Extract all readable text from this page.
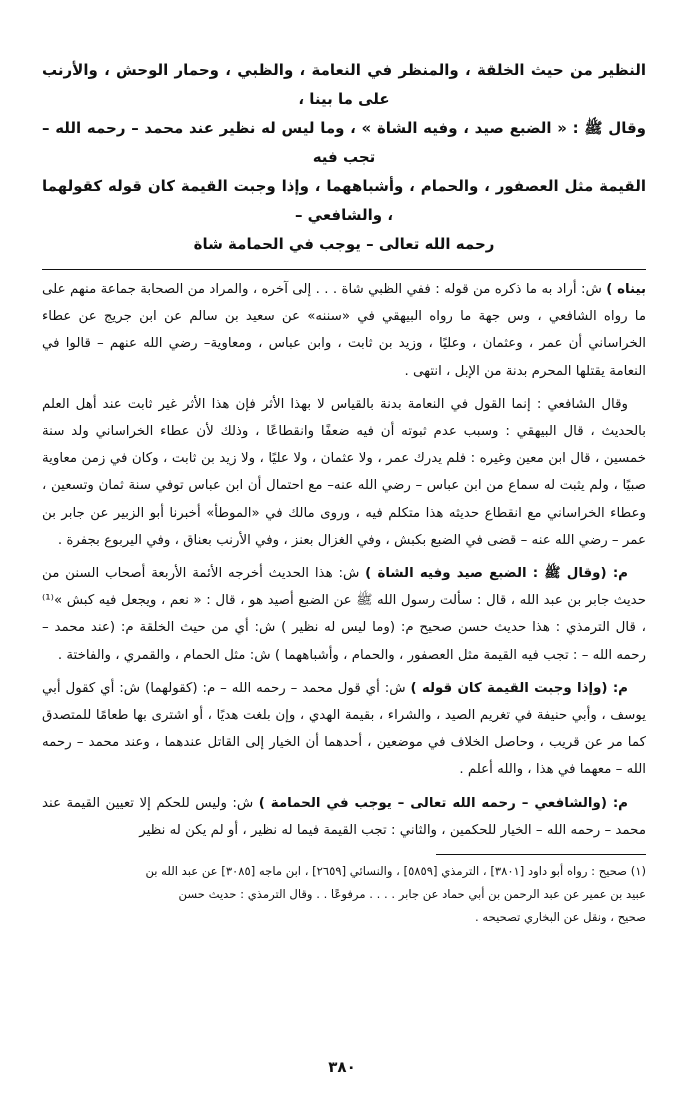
النظير من حيث الخلقة ، والمنظر في النعامة ، والظبي ، وحمار الوحش ، والأرنب على ما بينا ،
وقال ﷺ : « الضبع صيد ، وفيه الشاة » ، وما ليس له نظير عند محمد – رحمه الله – تجب فيه
القيمة مثل العصفور ، والحمام ، وأشباههما ، وإذا وجبت القيمة كان قوله كقولهما ، والشافعي –
رحمه الله تعالى – يوجب في الحمامة شاة

بيناه ) ش: أراد به ما ذكره من قوله : ففي الظبي شاة . . . إلى آخره ، والمراد من الصحابة جماعة منهم على ما رواه الشافعي ، وس جهة ما رواه البيهقي في «سننه» عن سعيد بن سالم عن ابن جريج عن عطاء الخراساني أن عمر ، وعثمان ، وعليًا ، وزيد بن ثابت ، وابن عباس ، ومعاوية– رضي الله عنهم – قالوا في النعامة يقتلها المحرم بدنة من الإبل ، انتهى .

وقال الشافعي : إنما القول في النعامة بدنة بالقياس لا بهذا الأثر فإن هذا الأثر غير ثابت عند أهل العلم بالحديث ، قال البيهقي : وسبب عدم ثبوته أن فيه ضعفًا وانقطاعًا ، وذلك لأن عطاء الخراساني ولد سنة خمسين ، قال ابن معين وغيره : فلم يدرك عمر ، ولا عثمان ، ولا عليًا ، ولا زيد بن ثابت ، وكان في زمن معاوية صبيًا ، ولم يثبت له سماع من ابن عباس – رضي الله عنه– مع احتمال أن ابن عباس توفي سنة ثمان وتسعين ، وعطاء الخراساني مع انقطاع حديثه هذا متكلم فيه ، وروى مالك في «الموطأ» أخبرنا أبو الزبير عن جابر بن عمر – رضي الله عنه – قضى في الضبع بكبش ، وفي الغزال بعنز ، وفي الأرنب بعناق ، وفي اليربوع بجفرة .

م: (وقال ﷺ : الضبع صيد وفيه الشاة ) ش: هذا الحديث أخرجه الأئمة الأربعة أصحاب السنن من حديث جابر بن عبد الله ، قال : سألت رسول الله ﷺ عن الضبع أصيد هو ، قال : « نعم ، ويجعل فيه كبش »⁽¹⁾ ، قال الترمذي : هذا حديث حسن صحيح م: (وما ليس له نظير ) ش: أي من حيث الخلقة م: (عند محمد – رحمه الله – : تجب فيه القيمة مثل العصفور ، والحمام ، وأشباههما ) ش: مثل الحمام ، والقمري ، والفاختة .

م: (وإذا وجبت القيمة كان قوله ) ش: أي قول محمد – رحمه الله – م: (كقولهما) ش: أي كقول أبي يوسف ، وأبي حنيفة في تغريم الصيد ، والشراء ، بقيمة الهدي ، وإن بلغت هديًا ، أو اشترى بها طعامًا للمتصدق كما مر عن قريب ، وحاصل الخلاف في موضعين ، أحدهما أن الخيار إلى القاتل عندهما ، وعند محمد – رحمه الله – معهما في هذا ، والله أعلم .

م: (والشافعي – رحمه الله تعالى – يوجب في الحمامة ) ش: وليس للحكم إلا تعيين القيمة عند محمد – رحمه الله – الخيار للحكمين ، والثاني : تجب القيمة فيما له نظير ، أو لم يكن له نظير

(١) صحيح : رواه أبو داود [٣٨٠١] ، الترمذي [٥٨٥٩] ، والنسائي [٢٦٥٩] ، ابن ماجه [٣٠٨٥] عن عبد الله بن

عبيد بن عمير عن عبد الرحمن بن أبي حماد عن جابر . . . . مرفوعًا . . وقال الترمذي : حديث حسن

صحيح ، ونقل عن البخاري تصحيحه .

٣٨٠
